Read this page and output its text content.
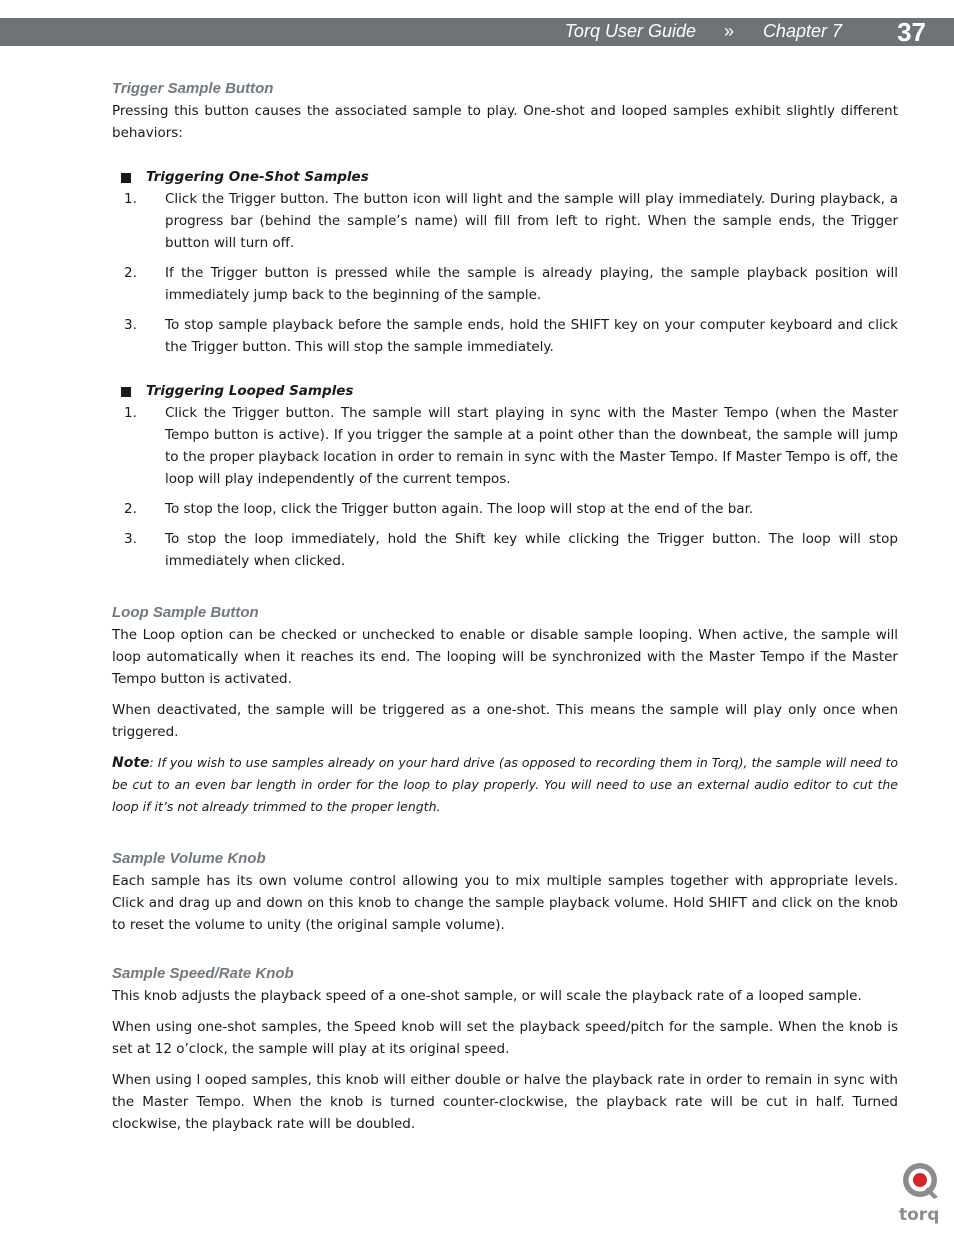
Torq User Guide » Chapter 7 37
Trigger Sample Button

Pressing this button causes the associated sample to play. One-shot and looped samples exhibit slightly different behaviors:

Triggering One-Shot Samples
1. Click the Trigger button. The button icon will light and the sample will play immediately. During playback, a progress bar (behind the sample’s name) will fill from left to right. When the sample ends, the Trigger button will turn off.
2. If the Trigger button is pressed while the sample is already playing, the sample playback position will immediately jump back to the beginning of the sample.
3. To stop sample playback before the sample ends, hold the SHIFT key on your computer keyboard and click the Trigger button. This will stop the sample immediately.
Triggering Looped Samples
1. Click the Trigger button. The sample will start playing in sync with the Master Tempo (when the Master Tempo button is active). If you trigger the sample at a point other than the downbeat, the sample will jump to the proper playback location in order to remain in sync with the Master Tempo. If Master Tempo is off, the loop will play independently of the current tempos.
2. To stop the loop, click the Trigger button again. The loop will stop at the end of the bar.
3. To stop the loop immediately, hold the Shift key while clicking the Trigger button. The loop will stop immediately when clicked.
Loop Sample Button

The Loop option can be checked or unchecked to enable or disable sample looping. When active, the sample will loop automatically when it reaches its end. The looping will be synchronized with the Master Tempo if the Master Tempo button is activated.

When deactivated, the sample will be triggered as a one-shot. This means the sample will play only once when triggered.

Note: If you wish to use samples already on your hard drive (as opposed to recording them in Torq), the sample will need to be cut to an even bar length in order for the loop to play properly. You will need to use an external audio editor to cut the loop if it’s not already trimmed to the proper length.

Sample Volume Knob

Each sample has its own volume control allowing you to mix multiple samples together with appropriate levels. Click and drag up and down on this knob to change the sample playback volume. Hold SHIFT and click on the knob to reset the volume to unity (the original sample volume).

Sample Speed/Rate Knob

This knob adjusts the playback speed of a one-shot sample, or will scale the playback rate of a looped sample.

When using one-shot samples, the Speed knob will set the playback speed/pitch for the sample. When the knob is set at 12 o’clock, the sample will play at its original speed.

When using l ooped samples, this knob will either double or halve the playback rate in order to remain in sync with the Master Tempo. When the knob is turned counter-clockwise, the playback rate will be cut in half. Turned clockwise, the playback rate will be doubled.

torq
